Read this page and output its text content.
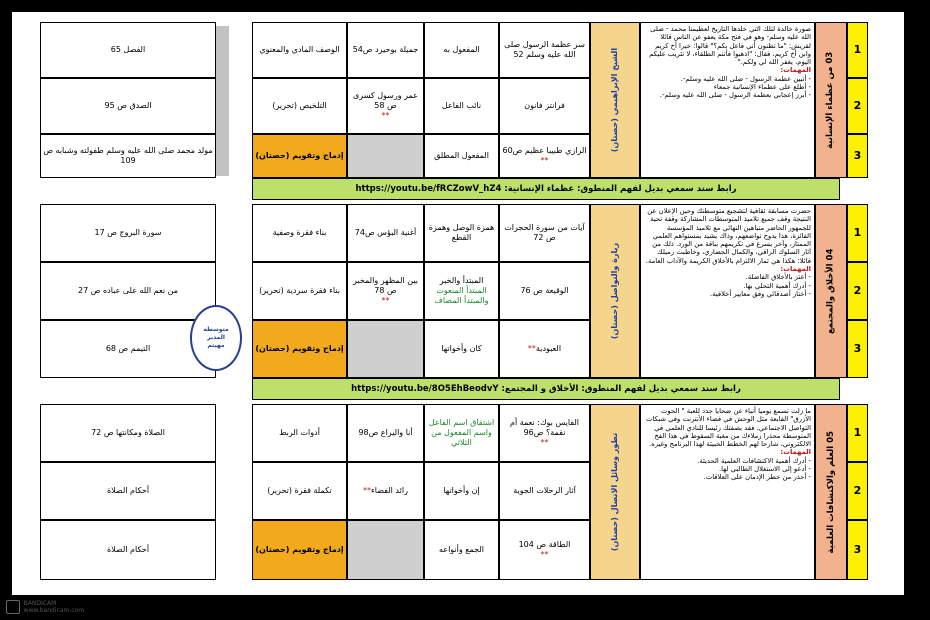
1
2
3
03 من عظماء الإنسانية
صورة خالدة لتلك التي خلدها التاريخ لعظيمنا محمد - صلى الله عليه وسلم- وهو في فتح مكة يعفو عن الناس قائلا لقريش: "ما تظنون أني فاعل بكم؟" قالوا: خيرا أخ كريم وابن أخ كريم، فقال: "اذهبوا فأنتم الطلقاء، لا تثريب عليكم اليوم، يغفر الله لي ولكم."
المهمات:
- أتبين عظمة الرسول - صلى الله عليه وسلم-.
- أطلع على عظماء الإنسانية جمعاء
- أبرز إعجابي بعظمة الرسول - صلى الله عليه وسلم-.
الشيخ الإبراهيمي (حصتان)
سر عظمة الرسول صلى الله عليه وسلم 52
فرانتز فانون
الرازي طبيبا عظيم ص60
**
المفعول به
نائب الفاعل
المفعول المطلق
جميلة بوحيرد ص54
عمر ورسول كسرى ص 58
**
الوصف المادي والمعنوي
التلخيص (تحرير)
إدماج وتقويم (حصتان)
الفصل 65
الصدق ص 95
مولد محمد صلى الله عليه وسلم طفولته وشبابه ص 109
https://youtu.be/fRCZowV_hZ4 :رابط سند سمعي بديل لفهم المنطوق: عظماء الإنسانية
1
2
3
04 الأخلاق والمجتمع
حضرت مسابقة ثقافية لتشجيع متوسطتك وحين الإعلان عن النتيجة وقف جميع تلاميذ المتوسطات المشاركة وقفة تحية للجمهور الحاضر متباهين النهائي مع تلاميذ المؤسسة الفائزة، هذا يدوح تواضعهم، وذاك يشيد بمستواهم العلمي الممتاز، وآخر يسرع في تكريمهم بباقة من الورد. ذلك من آثار السلوك الراقي، والكمال الحضاري، وخاطبت زميلك قائلا: هكذا هي ثمار الالتزام بالأخلاق الكريمة والآداب العامة.
المهمات:
- أعتز بالأخلاق الفاضلة.
- أدرك أهمية التحلي بها.
- أختار أصدقائي وفق معايير أخلاقية.
زيارة والتواصل (حصتان)
آيات من سورة الحجرات ص 72
الوقيعة ص 76
العبودية
**
همزة الوصل وهمزة القطع
المبتدأ والخبر
المبتدأ المنعوت والمبتدأ المضاف
كان وأخواتها
أغنية البؤس ص74
بين المظهر والمخبر ص 78
**
بناء فقرة وصفية
بناء فقرة سردية (تحرير)
إدماج وتقويم (حصتان)
سورة البروج ص 17
من نعم الله على عباده ص 27
التيمم ص 68
https://youtu.be/8O5EhBeodvY :رابط سند سمعي بديل لفهم المنطوق: الأخلاق و المجتمع
1
2
3
05 العلم والاكتشافات العلمية
ما زلت تسمع يوميا أنباء عن ضحايا جدد للعبة " الحوت الأزرق" القابعة مثل الوحش في فضاء الأنترنت وفي شبكات التواصل الاجتماعي. فقد بصفتك رئيسا للنادي العلمي في المتوسطة محذرا زملاءك من مغبة السقوط في هذا الفخ الالكتروني، شارحا لهم الخطط الخبيثة لهذا البرنامج وغيره.
المهمات:
- أدرك أهمية الاكتشافات العلمية الحديثة.
- أدعو إلى الاستغلال الطالبي لها.
- أحذر من خطر الإدمان على العلاقات.
تطور وسائل الاتصال (حصتان)
الفايس بوك: نعمة أم نقمة؟ ص96
**
آثار الرحلات الجوية
الطاقة ص 104
**
اشتقاق اسم الفاعل واسم المفعول من الثلاثي
إن وأخواتها
الجمع وأنواعه
أنا واليراع ص98
رائد الفضاء
**
أدوات الربط
تكملة فقرة (تحرير)
إدماج وتقويم (حصتان)
الصلاة ومكانتها ص 72
أحكام الصلاة
أحكام الصلاة
متوسطة
المدير
مهيتم
BANDICAM www.bandicam.com
